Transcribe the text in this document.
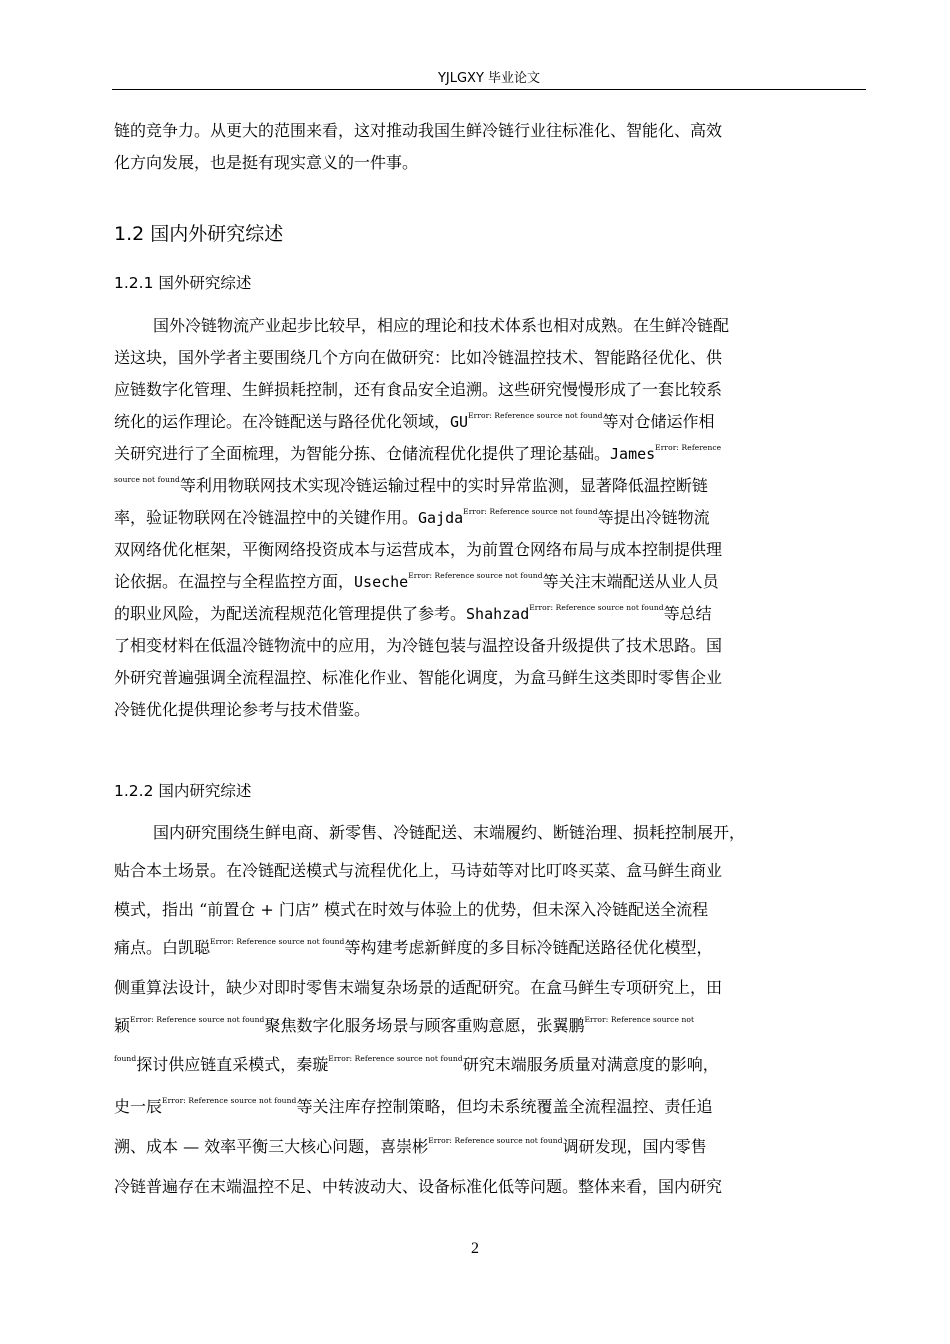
YJLGXY 毕业论文
链的竞争力。从更大的范围来看，这对推动我国生鲜冷链行业往标准化、智能化、高效
化方向发展，也是挺有现实意义的一件事。
1.2 国内外研究综述
1.2.1 国外研究综述
国外冷链物流产业起步比较早，相应的理论和技术体系也相对成熟。在生鲜冷链配
送这块，国外学者主要围绕几个方向在做研究：比如冷链温控技术、智能路径优化、供
应链数字化管理、生鲜损耗控制，还有食品安全追溯。这些研究慢慢形成了一套比较系
统化的运作理论。在冷链配送与路径优化领域，GU$^{Error: Reference source not found}$等对仓储运作相
关研究进行了全面梳理，为智能分拣、仓储流程优化提供了理论基础。James$^{Error: Reference}$
$^{source not found}$等利用物联网技术实现冷链运输过程中的实时异常监测，显著降低温控断链
率，验证物联网在冷链温控中的关键作用。Gajda$^{Error: Reference source not found}$等提出冷链物流
双网络优化框架，平衡网络投资成本与运营成本，为前置仓网络布局与成本控制提供理
论依据。在温控与全程监控方面，Useche$^{Error: Reference source not found}$等关注末端配送从业人员
的职业风险，为配送流程规范化管理提供了参考。Shahzad$^{Error: Reference source not found}$等总结
了相变材料在低温冷链物流中的应用，为冷链包装与温控设备升级提供了技术思路。国
外研究普遍强调全流程温控、标准化作业、智能化调度，为盒马鲜生这类即时零售企业
冷链优化提供理论参考与技术借鉴。
1.2.2 国内研究综述
国内研究围绕生鲜电商、新零售、冷链配送、末端履约、断链治理、损耗控制展开，
贴合本土场景。在冷链配送模式与流程优化上，马诗茹等对比叮咚买菜、盒马鲜生商业
模式，指出 “前置仓 + 门店” 模式在时效与体验上的优势，但未深入冷链配送全流程
痛点。白凯聪$^{Error: Reference source not found}$等构建考虑新鲜度的多目标冷链配送路径优化模型，
侧重算法设计，缺少对即时零售末端复杂场景的适配研究。在盒马鲜生专项研究上，田
颖$^{Error: Reference source not found}$聚焦数字化服务场景与顾客重购意愿，张翼鹏$^{Error: Reference source not}$
$^{found}$探讨供应链直采模式，秦璇$^{Error: Reference source not found}$研究末端服务质量对满意度的影响，
史一辰$^{Error: Reference source not found}$等关注库存控制策略，但均未系统覆盖全流程温控、责任追
溯、成本 — 效率平衡三大核心问题，喜崇彬$^{Error: Reference source not found}$调研发现，国内零售
冷链普遍存在末端温控不足、中转波动大、设备标准化低等问题。整体来看，国内研究
2
